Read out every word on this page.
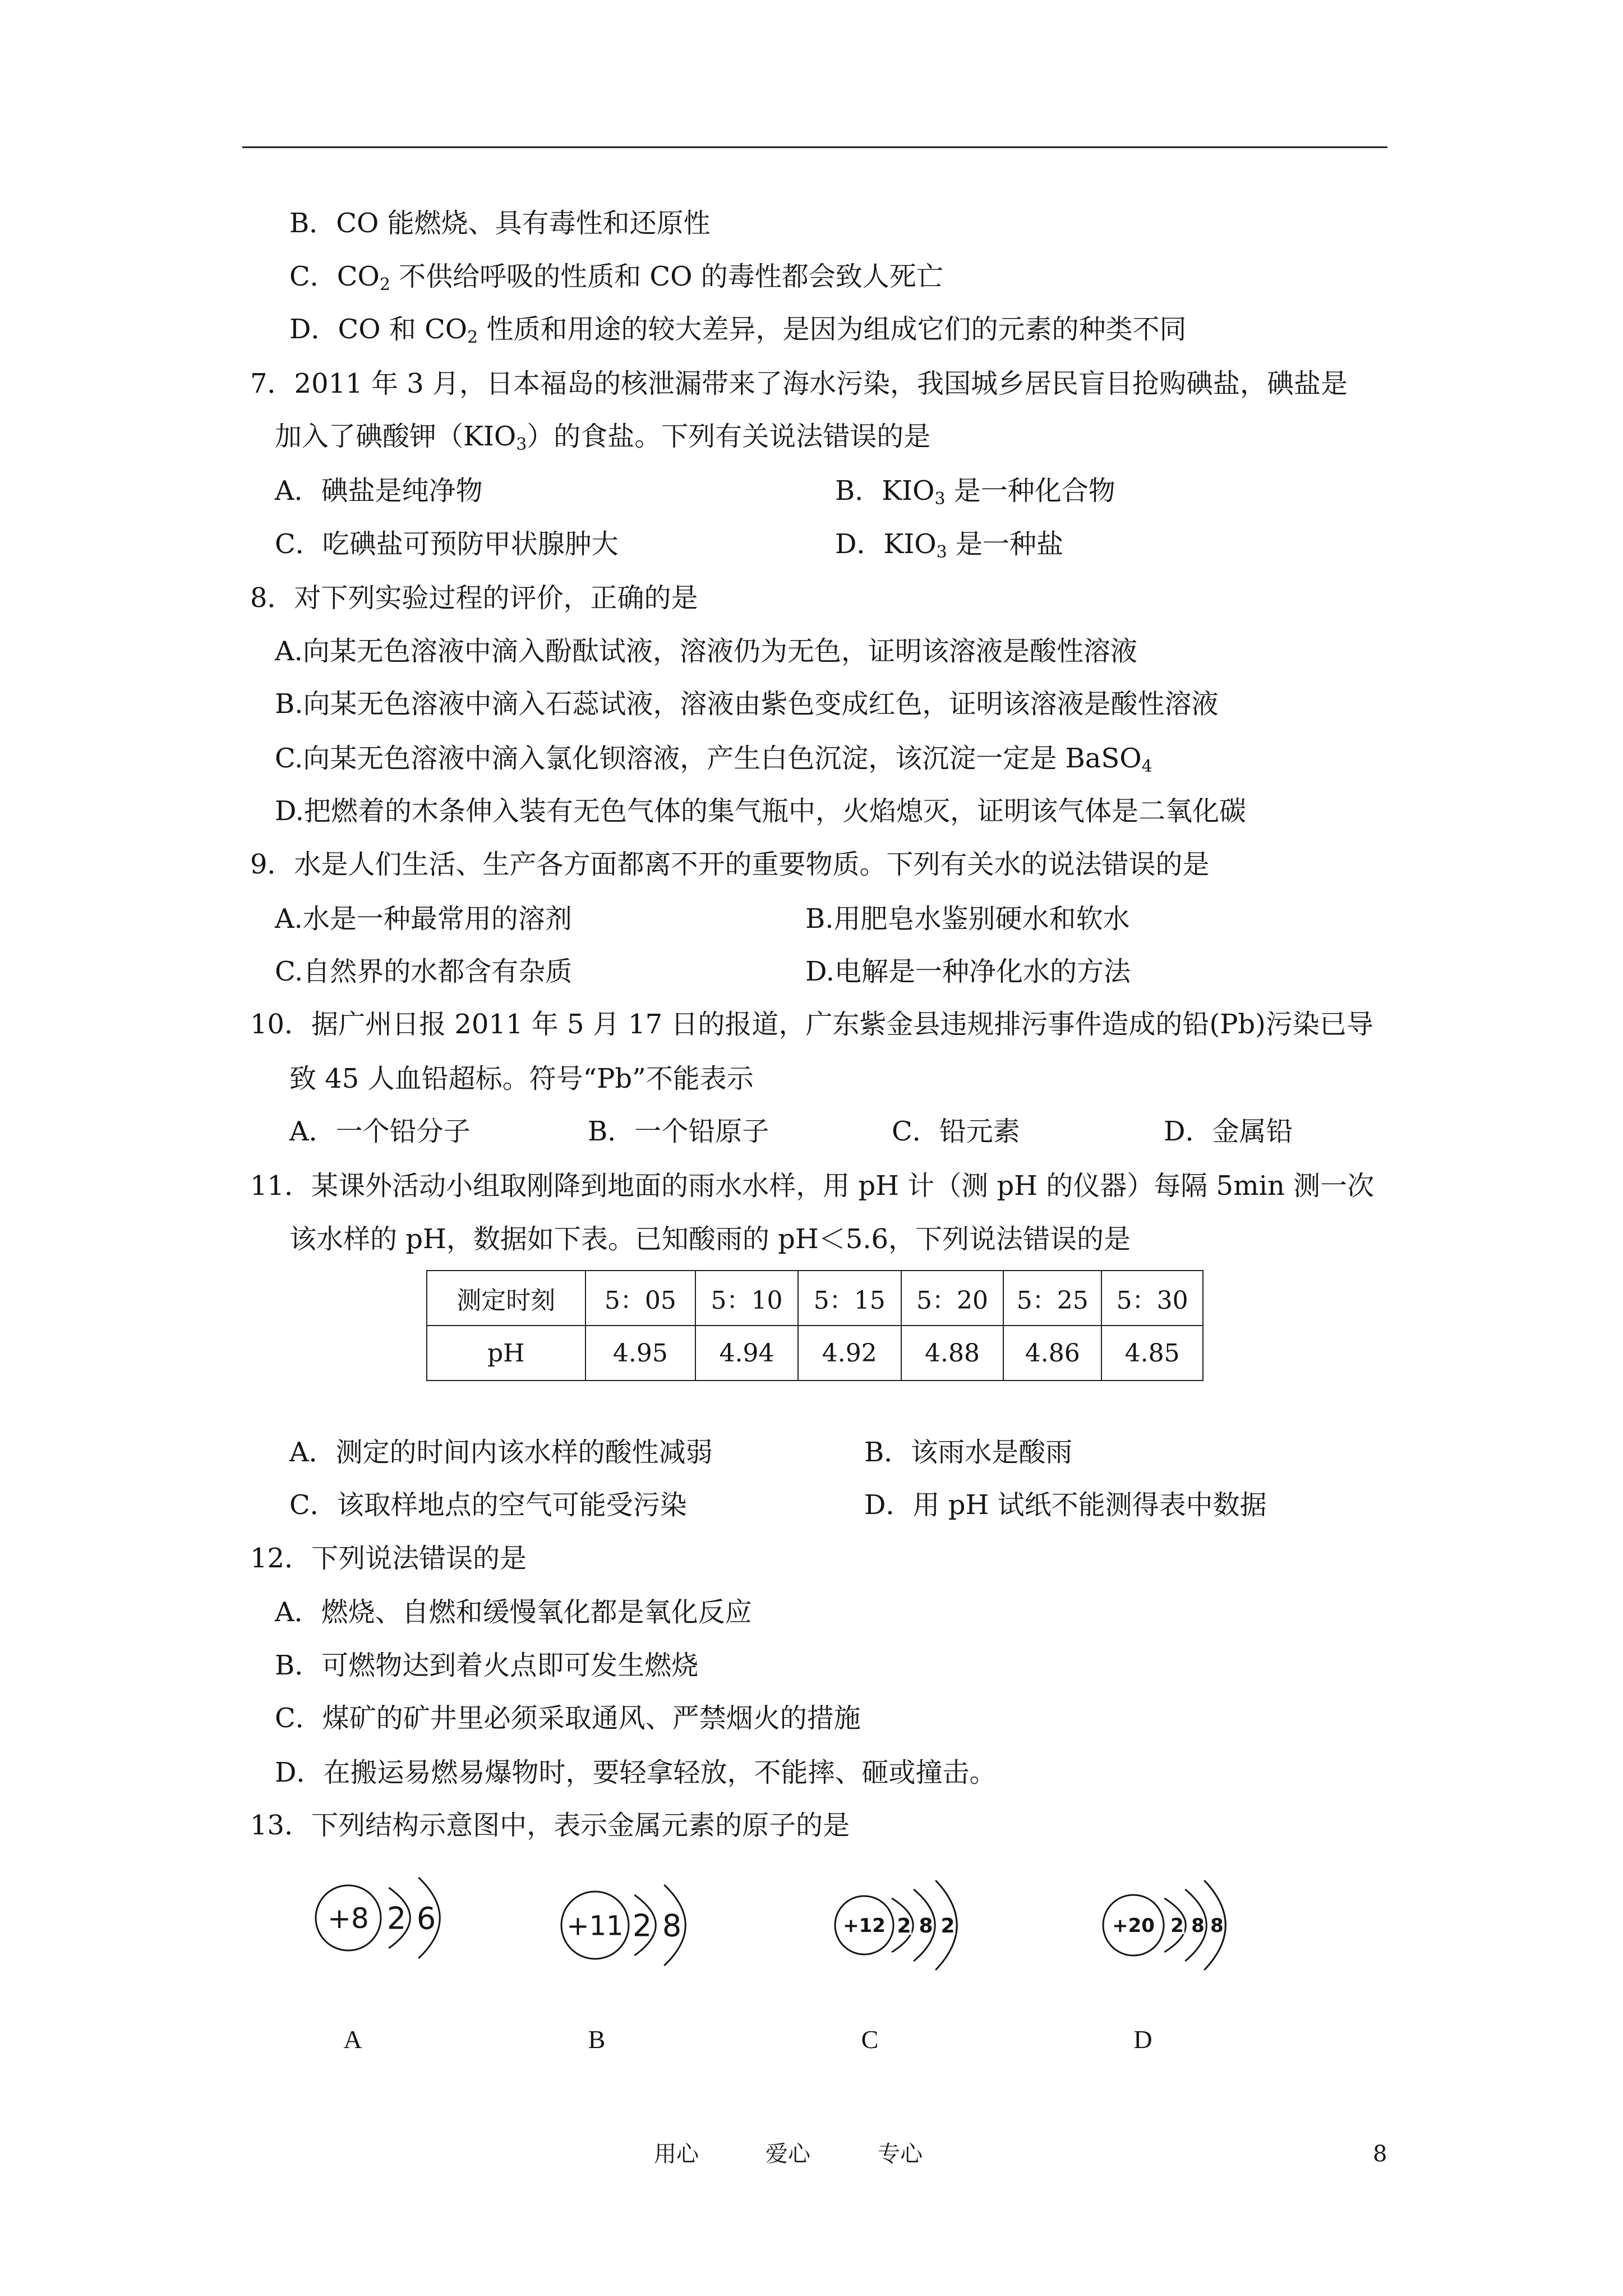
B．CO 能燃烧、具有毒性和还原性
C．$CO_2$ 不供给呼吸的性质和 CO 的毒性都会致人死亡
D．CO 和 $CO_2$ 性质和用途的较大差异，是因为组成它们的元素的种类不同
7．2011 年 3 月，日本福岛的核泄漏带来了海水污染，我国城乡居民盲目抢购碘盐，碘盐是
加入了碘酸钾$(KIO_3)$的食盐。下列有关说法错误的是
A．碘盐是纯净物	B．$KIO_3$ 是一种化合物
C．吃碘盐可预防甲状腺肿大	D．$KIO_3$ 是一种盐
8．对下列实验过程的评价，正确的是
A.向某无色溶液中滴入酚酞试液，溶液仍为无色，证明该溶液是酸性溶液
B.向某无色溶液中滴入石蕊试液，溶液由紫色变成红色，证明该溶液是酸性溶液
C.向某无色溶液中滴入氯化钡溶液，产生白色沉淀，该沉淀一定是 BaSO$_4$
D.把燃着的木条伸入装有无色气体的集气瓶中，火焰熄灭，证明该气体是二氧化碳
9．水是人们生活、生产各方面都离不开的重要物质。下列有关水的说法错误的是
A.水是一种最常用的溶剂	B.用肥皂水鉴别硬水和软水
C.自然界的水都含有杂质	D.电解是一种净化水的方法
10．据广州日报 2011 年 5 月 17 日的报道，广东紫金县违规排污事件造成的铅(Pb)污染已导
致 45 人血铅超标。符号“Pb”不能表示
A．一个铅分子	B．一个铅原子	C．铅元素	D．金属铅
11．某课外活动小组取刚降到地面的雨水水样，用 pH 计（测 pH 的仪器）每隔 5min 测一次
该水样的 pH，数据如下表。已知酸雨的 pH＜5.6，下列说法错误的是
测定时刻	5：05	5：10	5：15	5：20	5：25	5：30
pH	4.95	4.94	4.92	4.88	4.86	4.85
A．测定的时间内该水样的酸性减弱	B．该雨水是酸雨
C．该取样地点的空气可能受污染	D．用 pH 试纸不能测得表中数据
12．下列说法错误的是
A．燃烧、自燃和缓慢氧化都是氧化反应
B．可燃物达到着火点即可发生燃烧
C．煤矿的矿井里必须采取通风、严禁烟火的措施
D．在搬运易燃易爆物时，要轻拿轻放，不能摔、砸或撞击。
13．下列结构示意图中，表示金属元素的原子的是
+8 2 6	+11 2 8	+12 2 8 2	+20 2 8 8
A	B	C	D
用心	爱心	专心	8
